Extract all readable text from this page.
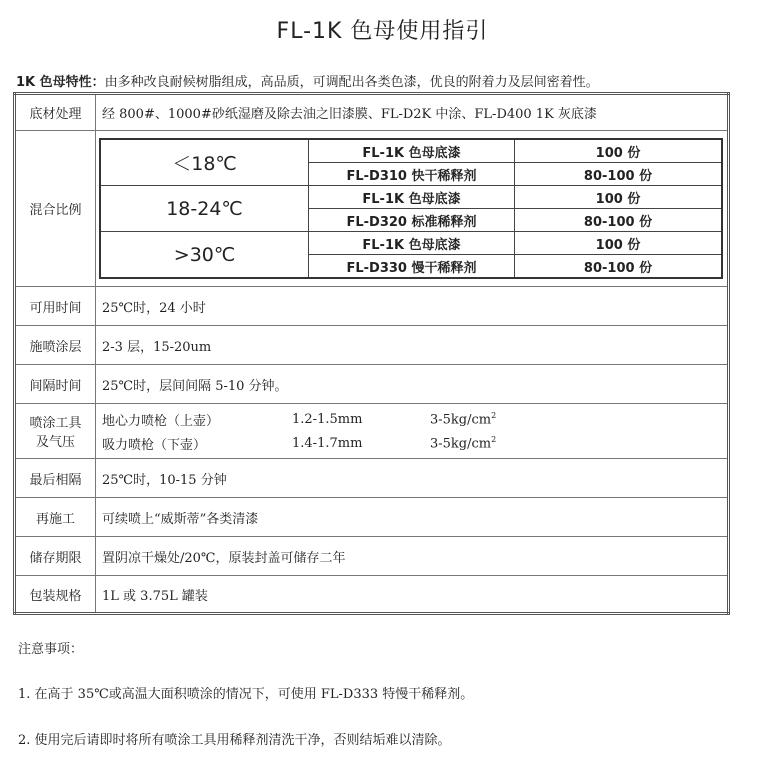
FL-1K 色母使用指引
1K 色母特性：由多种改良耐候树脂组成，高品质，可调配出各类色漆，优良的附着力及层间密着性。
底材处理	经 800#、1000#砂纸湿磨及除去油之旧漆膜、FL-D2K 中涂、FL-D400 1K 灰底漆
混合比例	
＜18℃	FL-1K 色母底漆	100 份
FL-D310 快干稀释剂	80-100 份
18-24℃	FL-1K 色母底漆	100 份
FL-D320 标准稀释剂	80-100 份
>30℃	FL-1K 色母底漆	100 份
FL-D330 慢干稀释剂	80-100 份

可用时间	25℃时，24 小时
施喷涂层	2-3 层，15-20um
间隔时间	25℃时，层间间隔 5-10 分钟。

喷涂工具
及气压

地心力喷枪（上壶）	1.2-1.5mm	$3-5kg/cm^2$
吸力喷枪（下壶）	1.4-1.7mm	$3-5kg/cm^2$

最后相隔	25℃时，10-15 分钟
再施工	可续喷上“威斯蒂”各类清漆
储存期限	置阴凉干燥处/20℃，原装封盖可储存二年
包装规格	1L 或 3.75L 罐装
注意事项：
1. 在高于 35℃或高温大面积喷涂的情况下，可使用 FL-D333 特慢干稀释剂。
2. 使用完后请即时将所有喷涂工具用稀释剂清洗干净，否则结垢难以清除。
